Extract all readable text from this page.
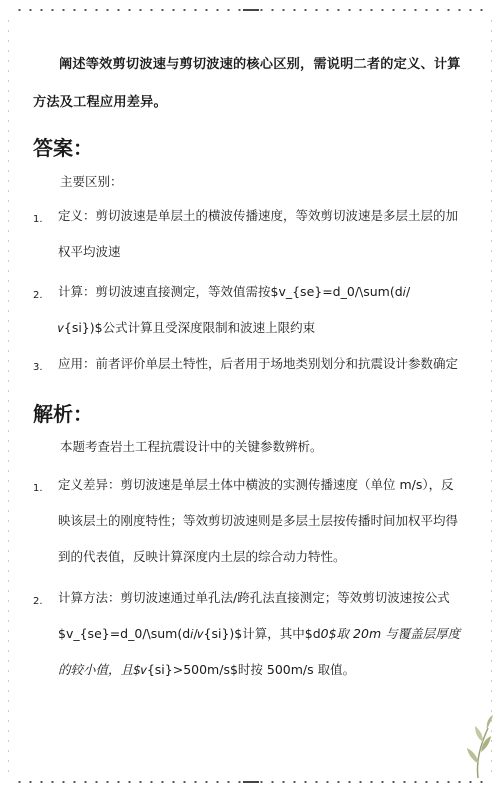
阐述等效剪切波速与剪切波速的核心区别，需说明二者的定义、计算方法及工程应用差异。
答案：
主要区别：
1. 定义：剪切波速是单层土的横波传播速度，等效剪切波速是多层土层的加权平均波速
2. 计算：剪切波速直接测定，等效值需按$v_{se}=d_0/\sum(d𝑖/𝑣{si})$公式计算且受深度限制和波速上限约束
3. 应用：前者评价单层土特性，后者用于场地类别划分和抗震设计参数确定
解析：
本题考查岩土工程抗震设计中的关键参数辨析。
1. 定义差异：剪切波速是单层土体中横波的实测传播速度（单位 m/s），反映该层土的刚度特性；等效剪切波速则是多层土层按传播时间加权平均得到的代表值，反映计算深度内土层的综合动力特性。
2. 计算方法：剪切波速通过单孔法/跨孔法直接测定；等效剪切波速按公式$v_{se}=d_0/\sum(d𝑖/𝑣{si})$计算，其中$d0$取 20m 与覆盖层厚度的较小值，且$𝑣{si}>500m/s$时按 500m/s 取值。
